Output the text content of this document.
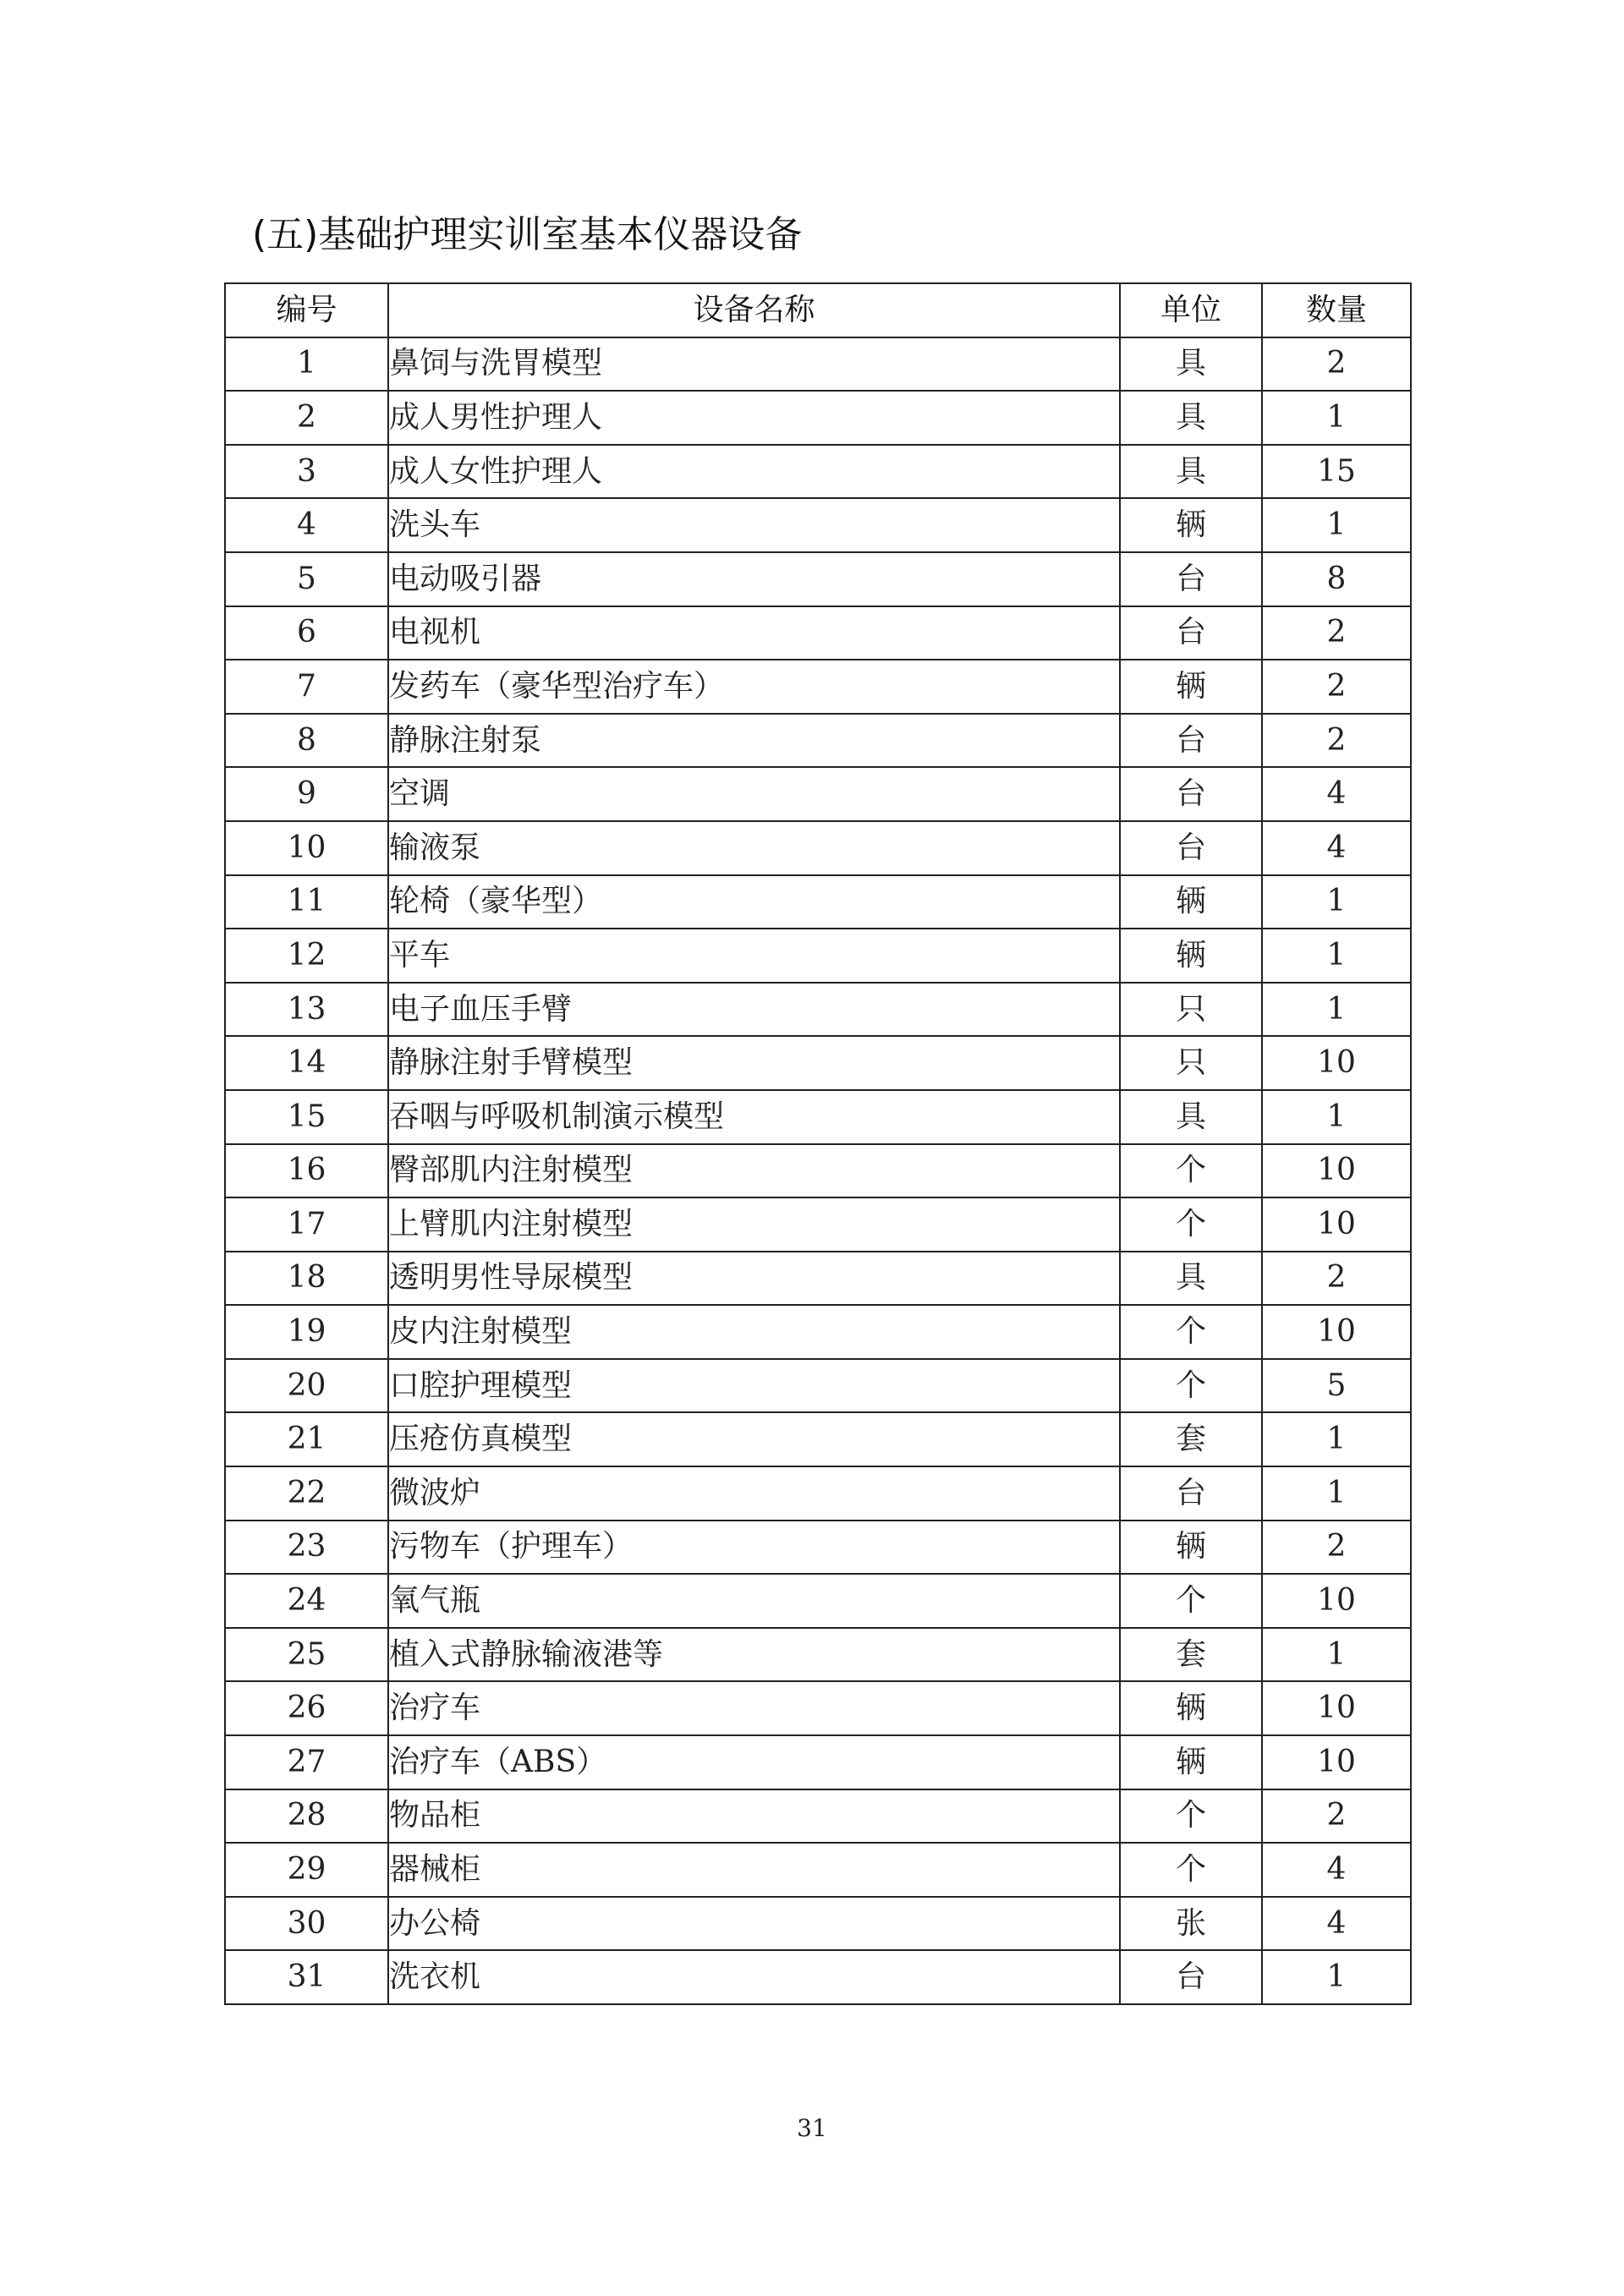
(五)基础护理实训室基本仪器设备
编号	设备名称	单位	数量
1	鼻饲与洗胃模型	具	2
2	成人男性护理人	具	1
3	成人女性护理人	具	15
4	洗头车	辆	1
5	电动吸引器	台	8
6	电视机	台	2
7	发药车（豪华型治疗车）	辆	2
8	静脉注射泵	台	2
9	空调	台	4
10	输液泵	台	4
11	轮椅（豪华型）	辆	1
12	平车	辆	1
13	电子血压手臂	只	1
14	静脉注射手臂模型	只	10
15	吞咽与呼吸机制演示模型	具	1
16	臀部肌内注射模型	个	10
17	上臂肌内注射模型	个	10
18	透明男性导尿模型	具	2
19	皮内注射模型	个	10
20	口腔护理模型	个	5
21	压疮仿真模型	套	1
22	微波炉	台	1
23	污物车（护理车）	辆	2
24	氧气瓶	个	10
25	植入式静脉输液港等	套	1
26	治疗车	辆	10
27	治疗车（ABS）	辆	10
28	物品柜	个	2
29	器械柜	个	4
30	办公椅	张	4
31	洗衣机	台	1
31
